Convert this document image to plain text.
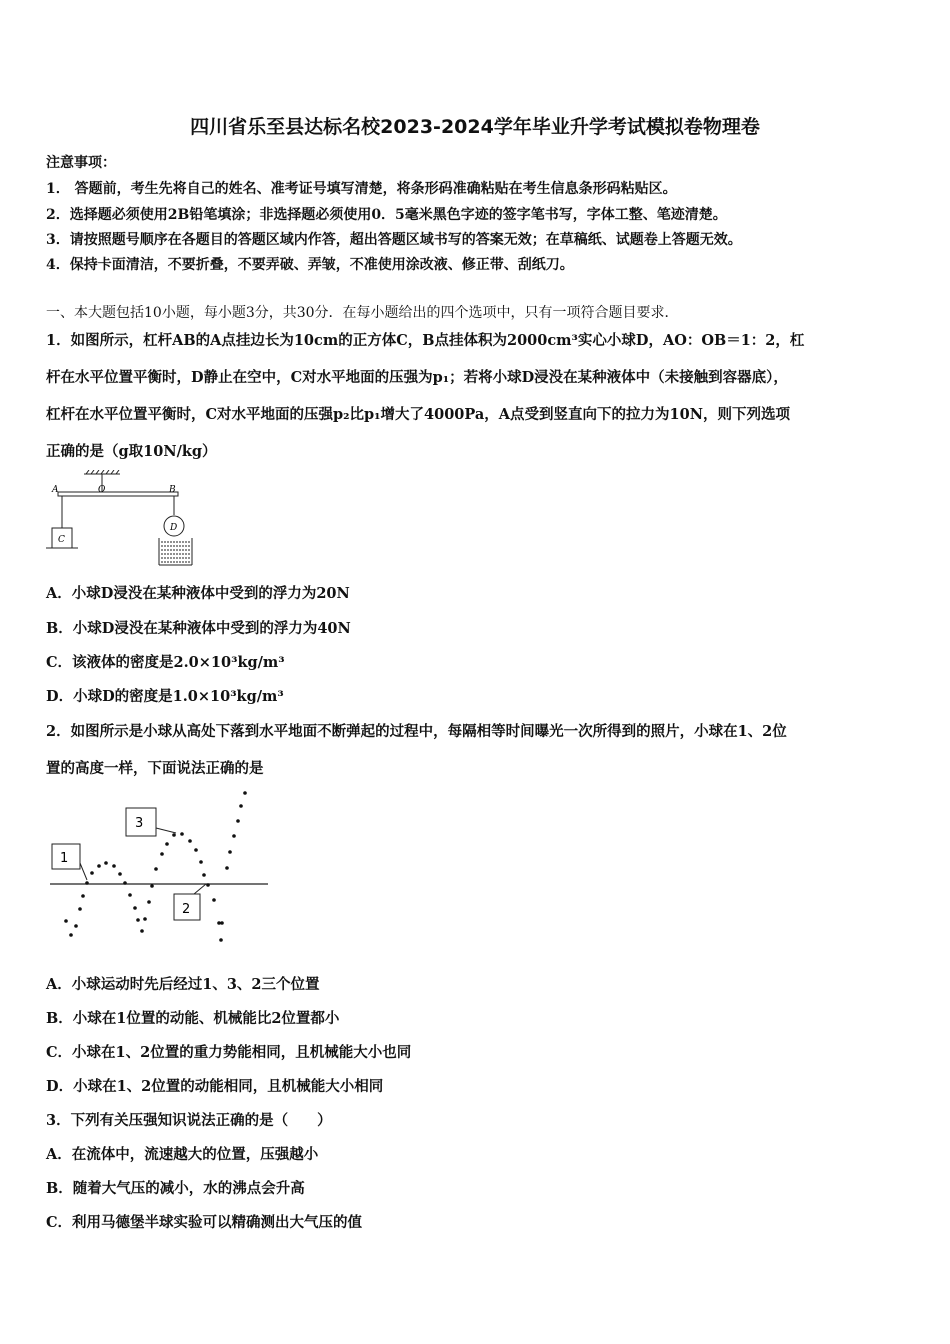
四川省乐至县达标名校2023-2024学年毕业升学考试模拟卷物理卷
注意事项：
1． 答题前，考生先将自己的姓名、准考证号填写清楚，将条形码准确粘贴在考生信息条形码粘贴区。
2．选择题必须使用2B铅笔填涂；非选择题必须使用0．5毫米黑色字迹的签字笔书写，字体工整、笔迹清楚。
3．请按照题号顺序在各题目的答题区域内作答，超出答题区域书写的答案无效；在草稿纸、试题卷上答题无效。
4．保持卡面清洁，不要折叠，不要弄破、弄皱，不准使用涂改液、修正带、刮纸刀。
一、本大题包括10小题，每小题3分，共30分．在每小题给出的四个选项中，只有一项符合题目要求．
1．如图所示，杠杆AB的A点挂边长为10cm的正方体C，B点挂体积为2000cm³实心小球D，AO：OB＝1：2，杠
杆在水平位置平衡时，D静止在空中，C对水平地面的压强为p₁；若将小球D浸没在某种液体中（未接触到容器底），
杠杆在水平位置平衡时，C对水平地面的压强p₂比p₁增大了4000Pa，A点受到竖直向下的拉力为10N，则下列选项
正确的是（g取10N/kg）
A	O	B
C
D
A．小球D浸没在某种液体中受到的浮力为20N
B．小球D浸没在某种液体中受到的浮力为40N
C．该液体的密度是2.0×10³kg/m³
D．小球D的密度是1.0×10³kg/m³
2．如图所示是小球从高处下落到水平地面不断弹起的过程中，每隔相等时间曝光一次所得到的照片，小球在1、2位
置的高度一样，下面说法正确的是
1
3
2
A．小球运动时先后经过1、3、2三个位置
B．小球在1位置的动能、机械能比2位置都小
C．小球在1、2位置的重力势能相同，且机械能大小也同
D．小球在1、2位置的动能相同，且机械能大小相同
3．下列有关压强知识说法正确的是（　　）
A．在流体中，流速越大的位置，压强越小
B．随着大气压的减小，水的沸点会升高
C．利用马德堡半球实验可以精确测出大气压的值
